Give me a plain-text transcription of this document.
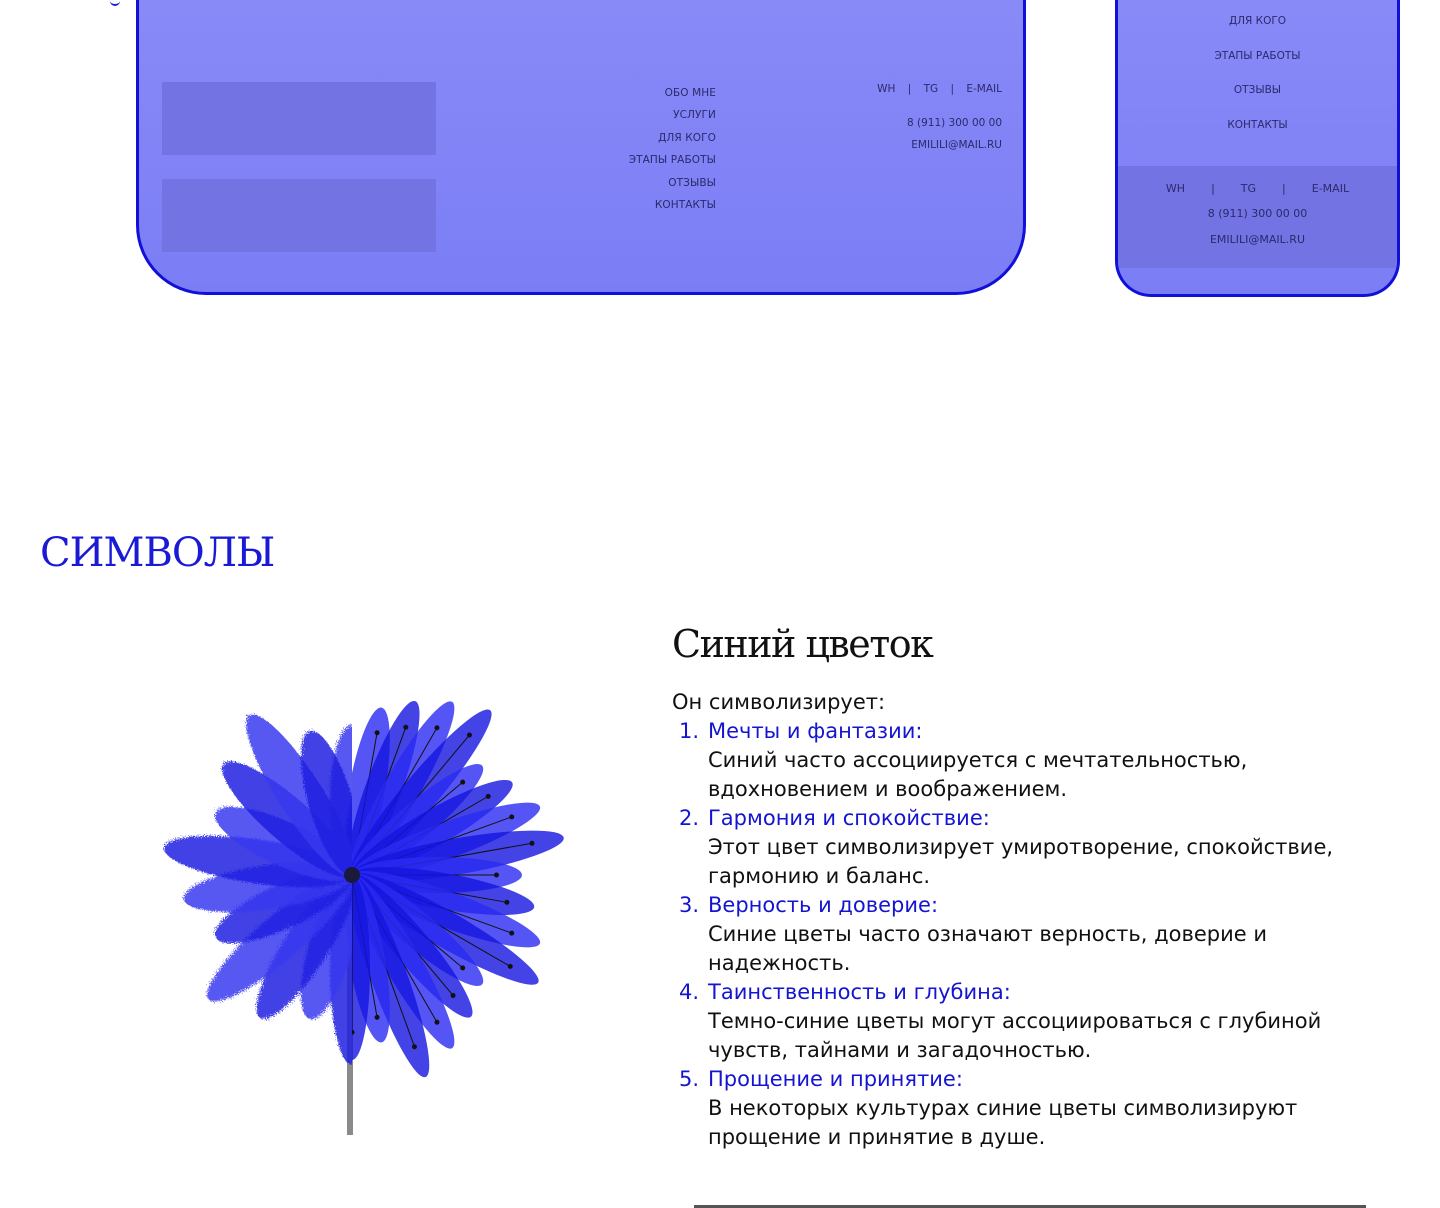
ОБО МНЕ
УСЛУГИ
ДЛЯ КОГО
ЭТАПЫ РАБОТЫ
ОТЗЫВЫ
КОНТАКТЫ
WH | TG | E-MAIL
8 (911) 300 00 00
EMILILI@MAIL.RU
ДЛЯ КОГО
ЭТАПЫ РАБОТЫ
ОТЗЫВЫ
КОНТАКТЫ
WH | TG | E-MAIL
8 (911) 300 00 00
EMILILI@MAIL.RU
СИМВОЛЫ
Синий цветок
Он символизирует:
Мечты и фантазии:
Синий часто ассоциируется с мечтательностью, вдохновением и воображением.
Гармония и спокойствие:
Этот цвет символизирует умиротворение, спокойствие, гармонию и баланс.
Верность и доверие:
Синие цветы часто означают верность, доверие и надежность.
Таинственность и глубина:
Темно-синие цветы могут ассоциироваться с глубиной чувств, тайнами и загадочностью.
Прощение и принятие:
В некоторых культурах синие цветы символизируют прощение и принятие в душе.
